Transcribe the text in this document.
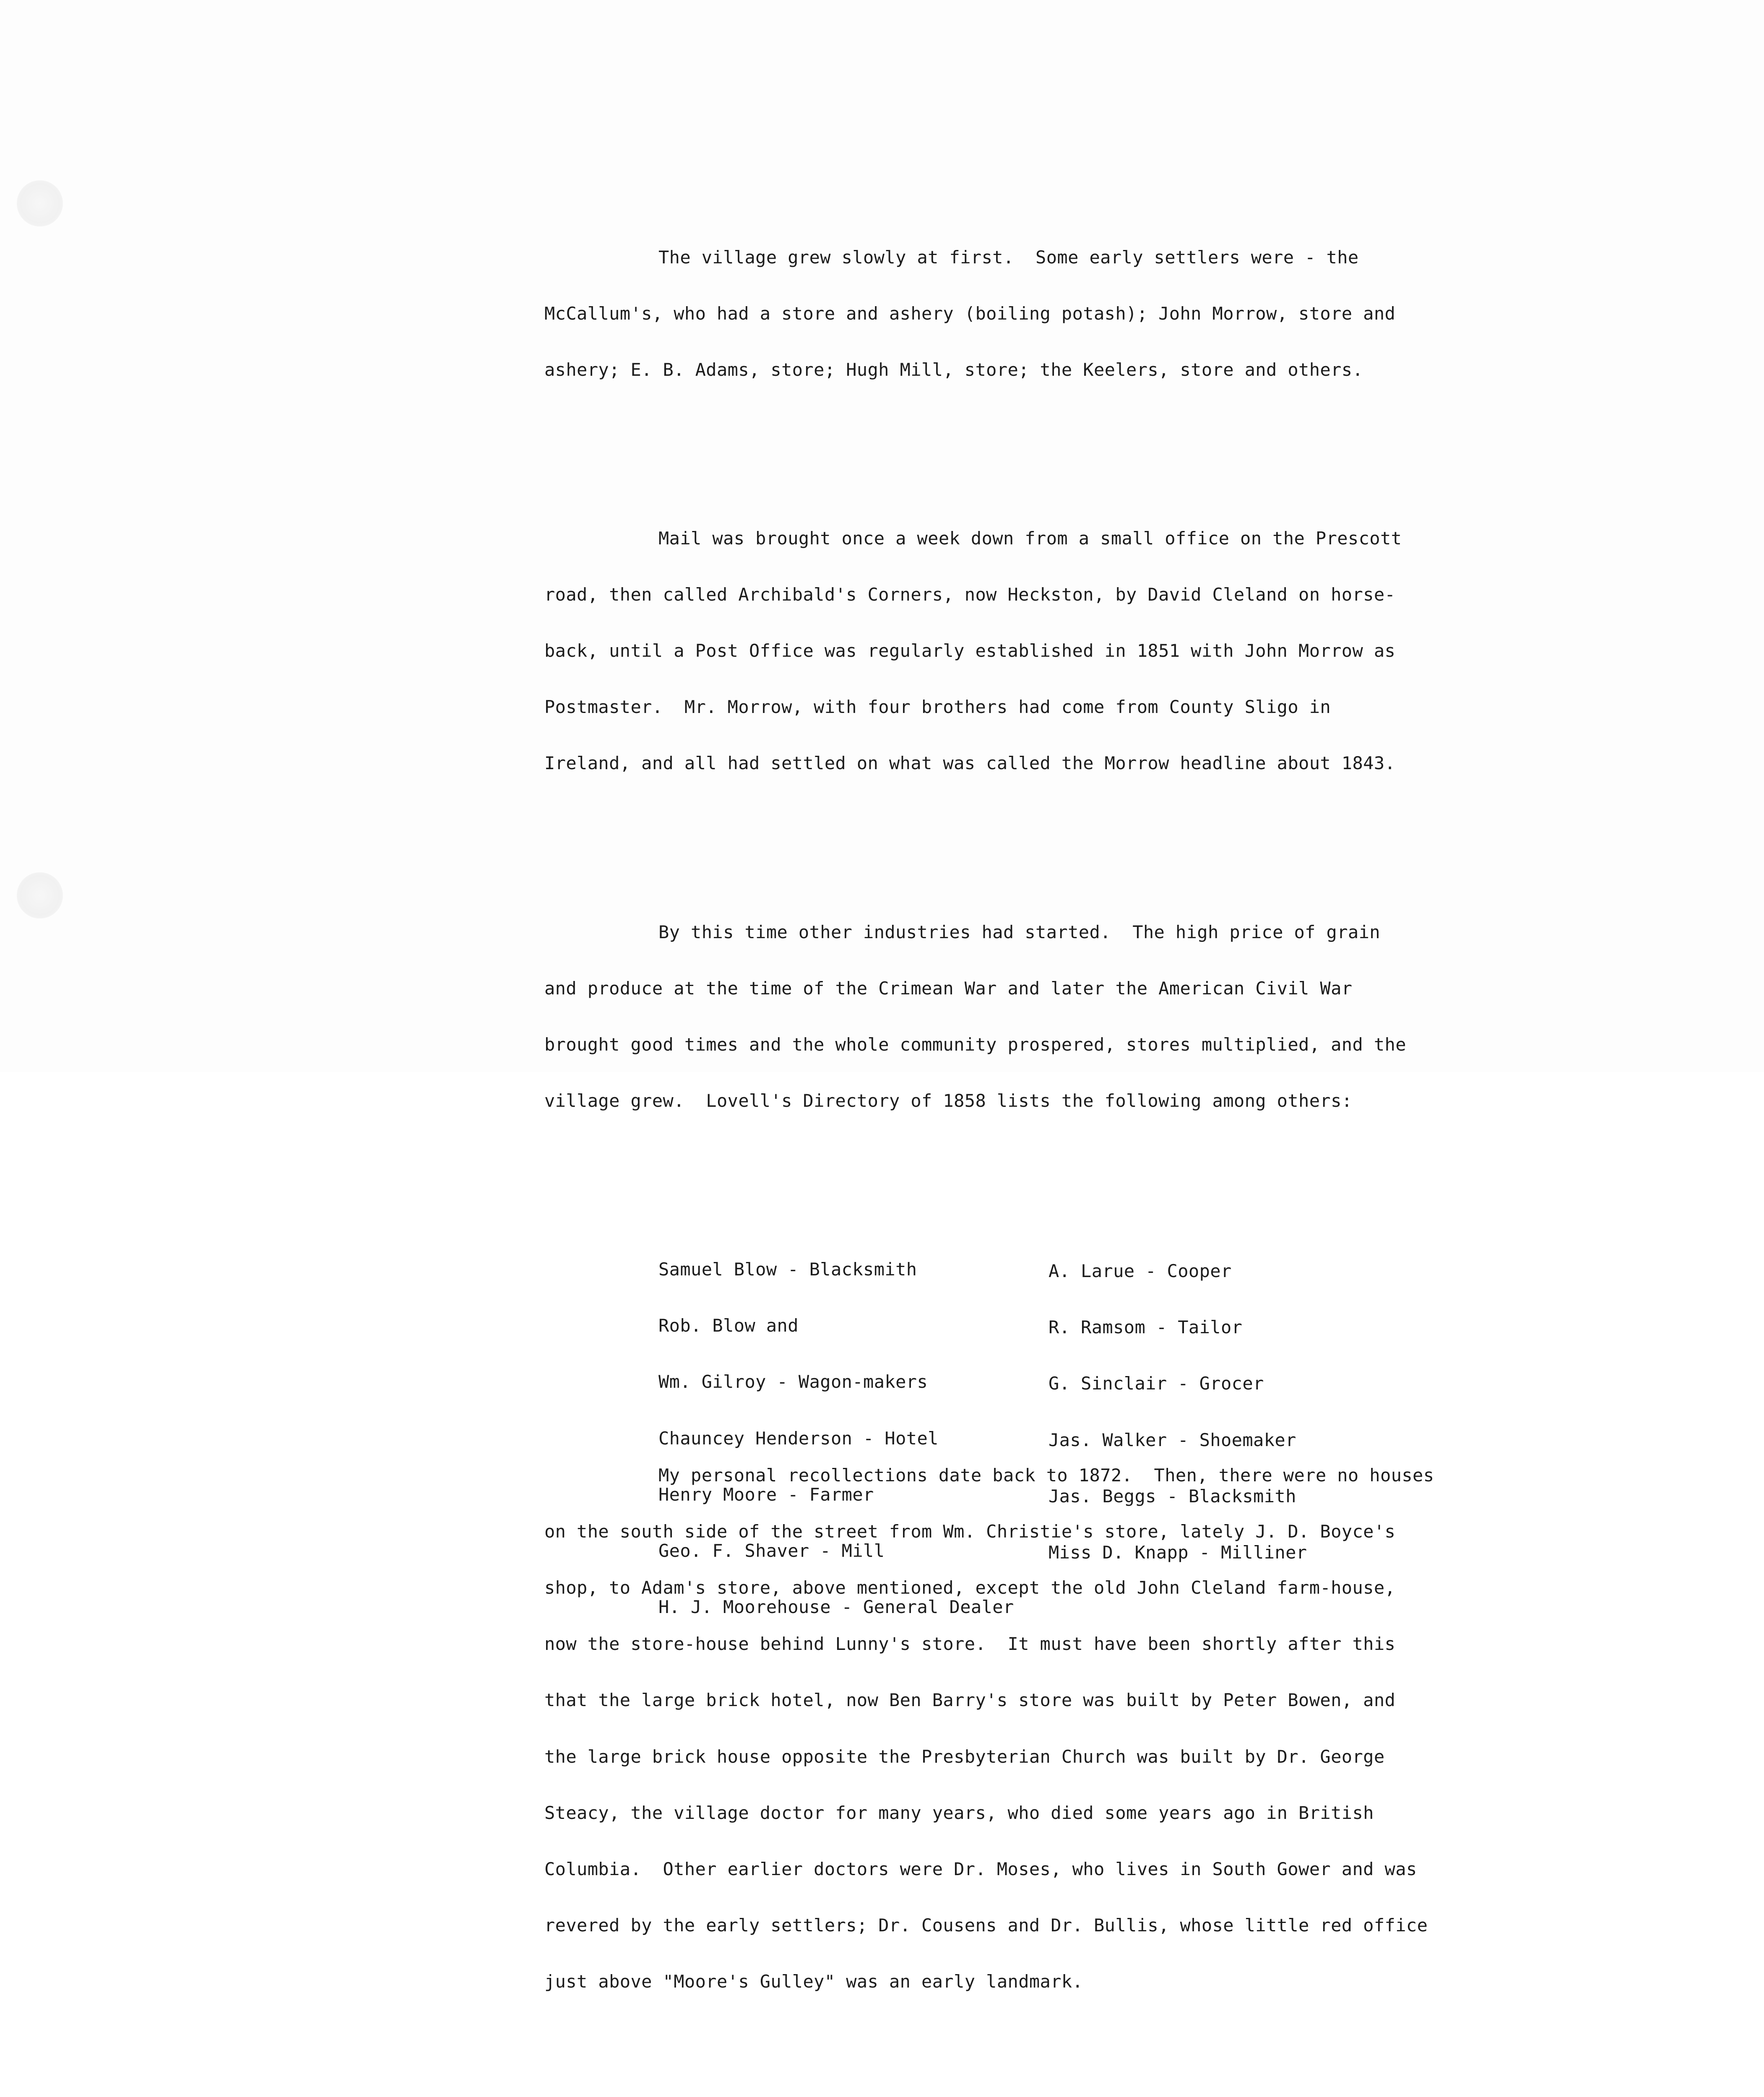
The village grew slowly at first.  Some early settlers were - the

McCallum's, who had a store and ashery (boiling potash); John Morrow, store and

ashery; E. B. Adams, store; Hugh Mill, store; the Keelers, store and others.

Mail was brought once a week down from a small office on the Prescott

road, then called Archibald's Corners, now Heckston, by David Cleland on horse-

back, until a Post Office was regularly established in 1851 with John Morrow as

Postmaster.  Mr. Morrow, with four brothers had come from County Sligo in

Ireland, and all had settled on what was called the Morrow headline about 1843.

By this time other industries had started.  The high price of grain

and produce at the time of the Crimean War and later the American Civil War

brought good times and the whole community prospered, stores multiplied, and the

village grew.  Lovell's Directory of 1858 lists the following among others:

Samuel Blow - Blacksmith

Rob. Blow and

Wm. Gilroy - Wagon-makers

Chauncey Henderson - Hotel

Henry Moore - Farmer

Geo. F. Shaver - Mill

H. J. Moorehouse - General Dealer

A. Larue - Cooper

R. Ramsom - Tailor

G. Sinclair - Grocer

Jas. Walker - Shoemaker

Jas. Beggs - Blacksmith

Miss D. Knapp - Milliner

My personal recollections date back to 1872.  Then, there were no houses

on the south side of the street from Wm. Christie's store, lately J. D. Boyce's

shop, to Adam's store, above mentioned, except the old John Cleland farm-house,

now the store-house behind Lunny's store.  It must have been shortly after this

that the large brick hotel, now Ben Barry's store was built by Peter Bowen, and

the large brick house opposite the Presbyterian Church was built by Dr. George

Steacy, the village doctor for many years, who died some years ago in British

Columbia.  Other earlier doctors were Dr. Moses, who lives in South Gower and was

revered by the early settlers; Dr. Cousens and Dr. Bullis, whose little red office

just above "Moore's Gulley" was an early landmark.
